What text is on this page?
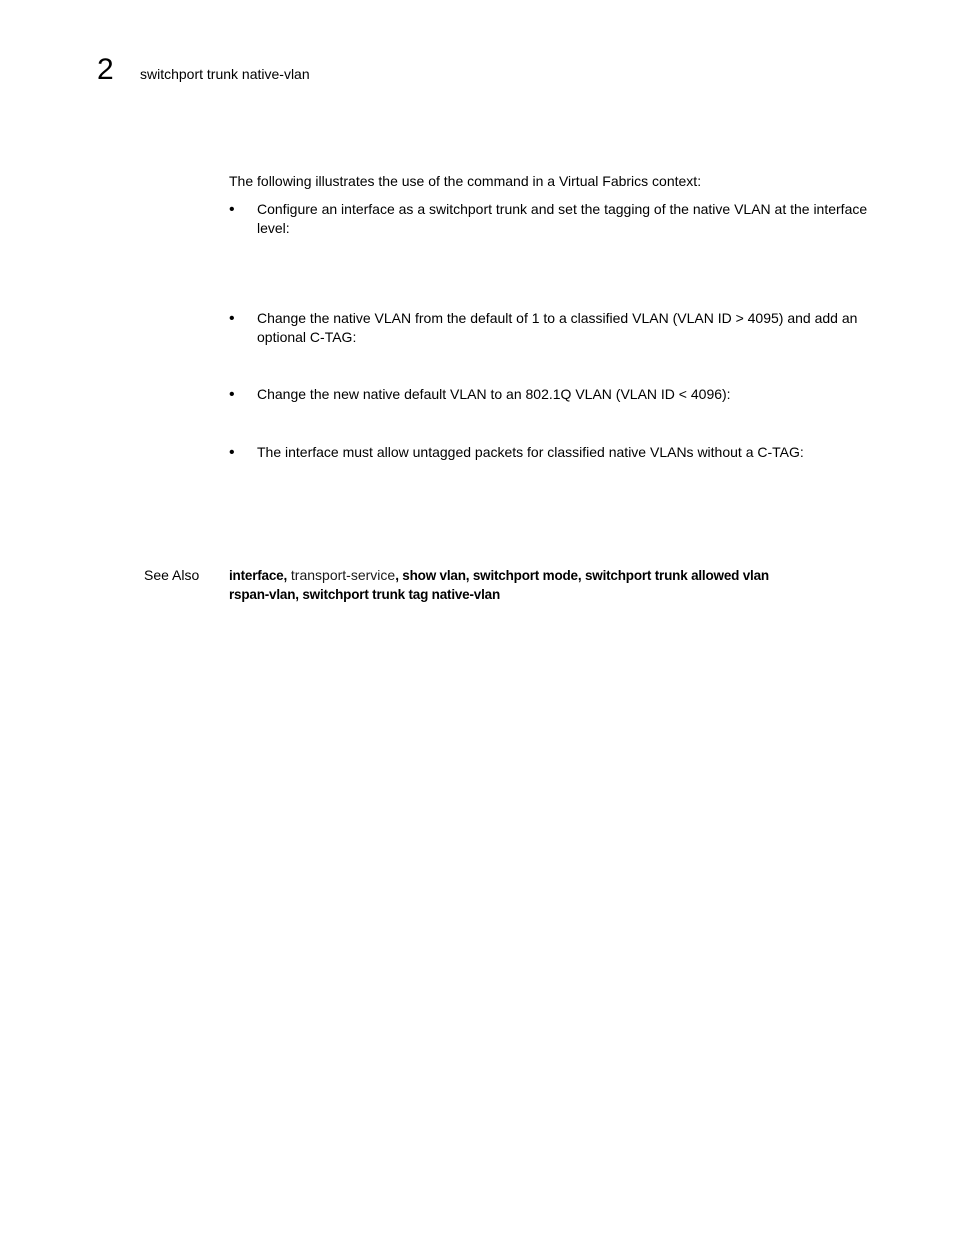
2 switchport trunk native-vlan
The following illustrates the use of the command in a Virtual Fabrics context:
•	Configure an interface as a switchport trunk and set the tagging of the native VLAN at the interface level:
•	Change the native VLAN from the default of 1 to a classified VLAN (VLAN ID > 4095) and add an optional C-TAG:
•	Change the new native default VLAN to an 802.1Q VLAN (VLAN ID < 4096):
•	The interface must allow untagged packets for classified native VLANs without a C-TAG:
See Also interface, transport-service, show vlan, switchport mode, switchport trunk allowed vlan
rspan-vlan, switchport trunk tag native-vlan
